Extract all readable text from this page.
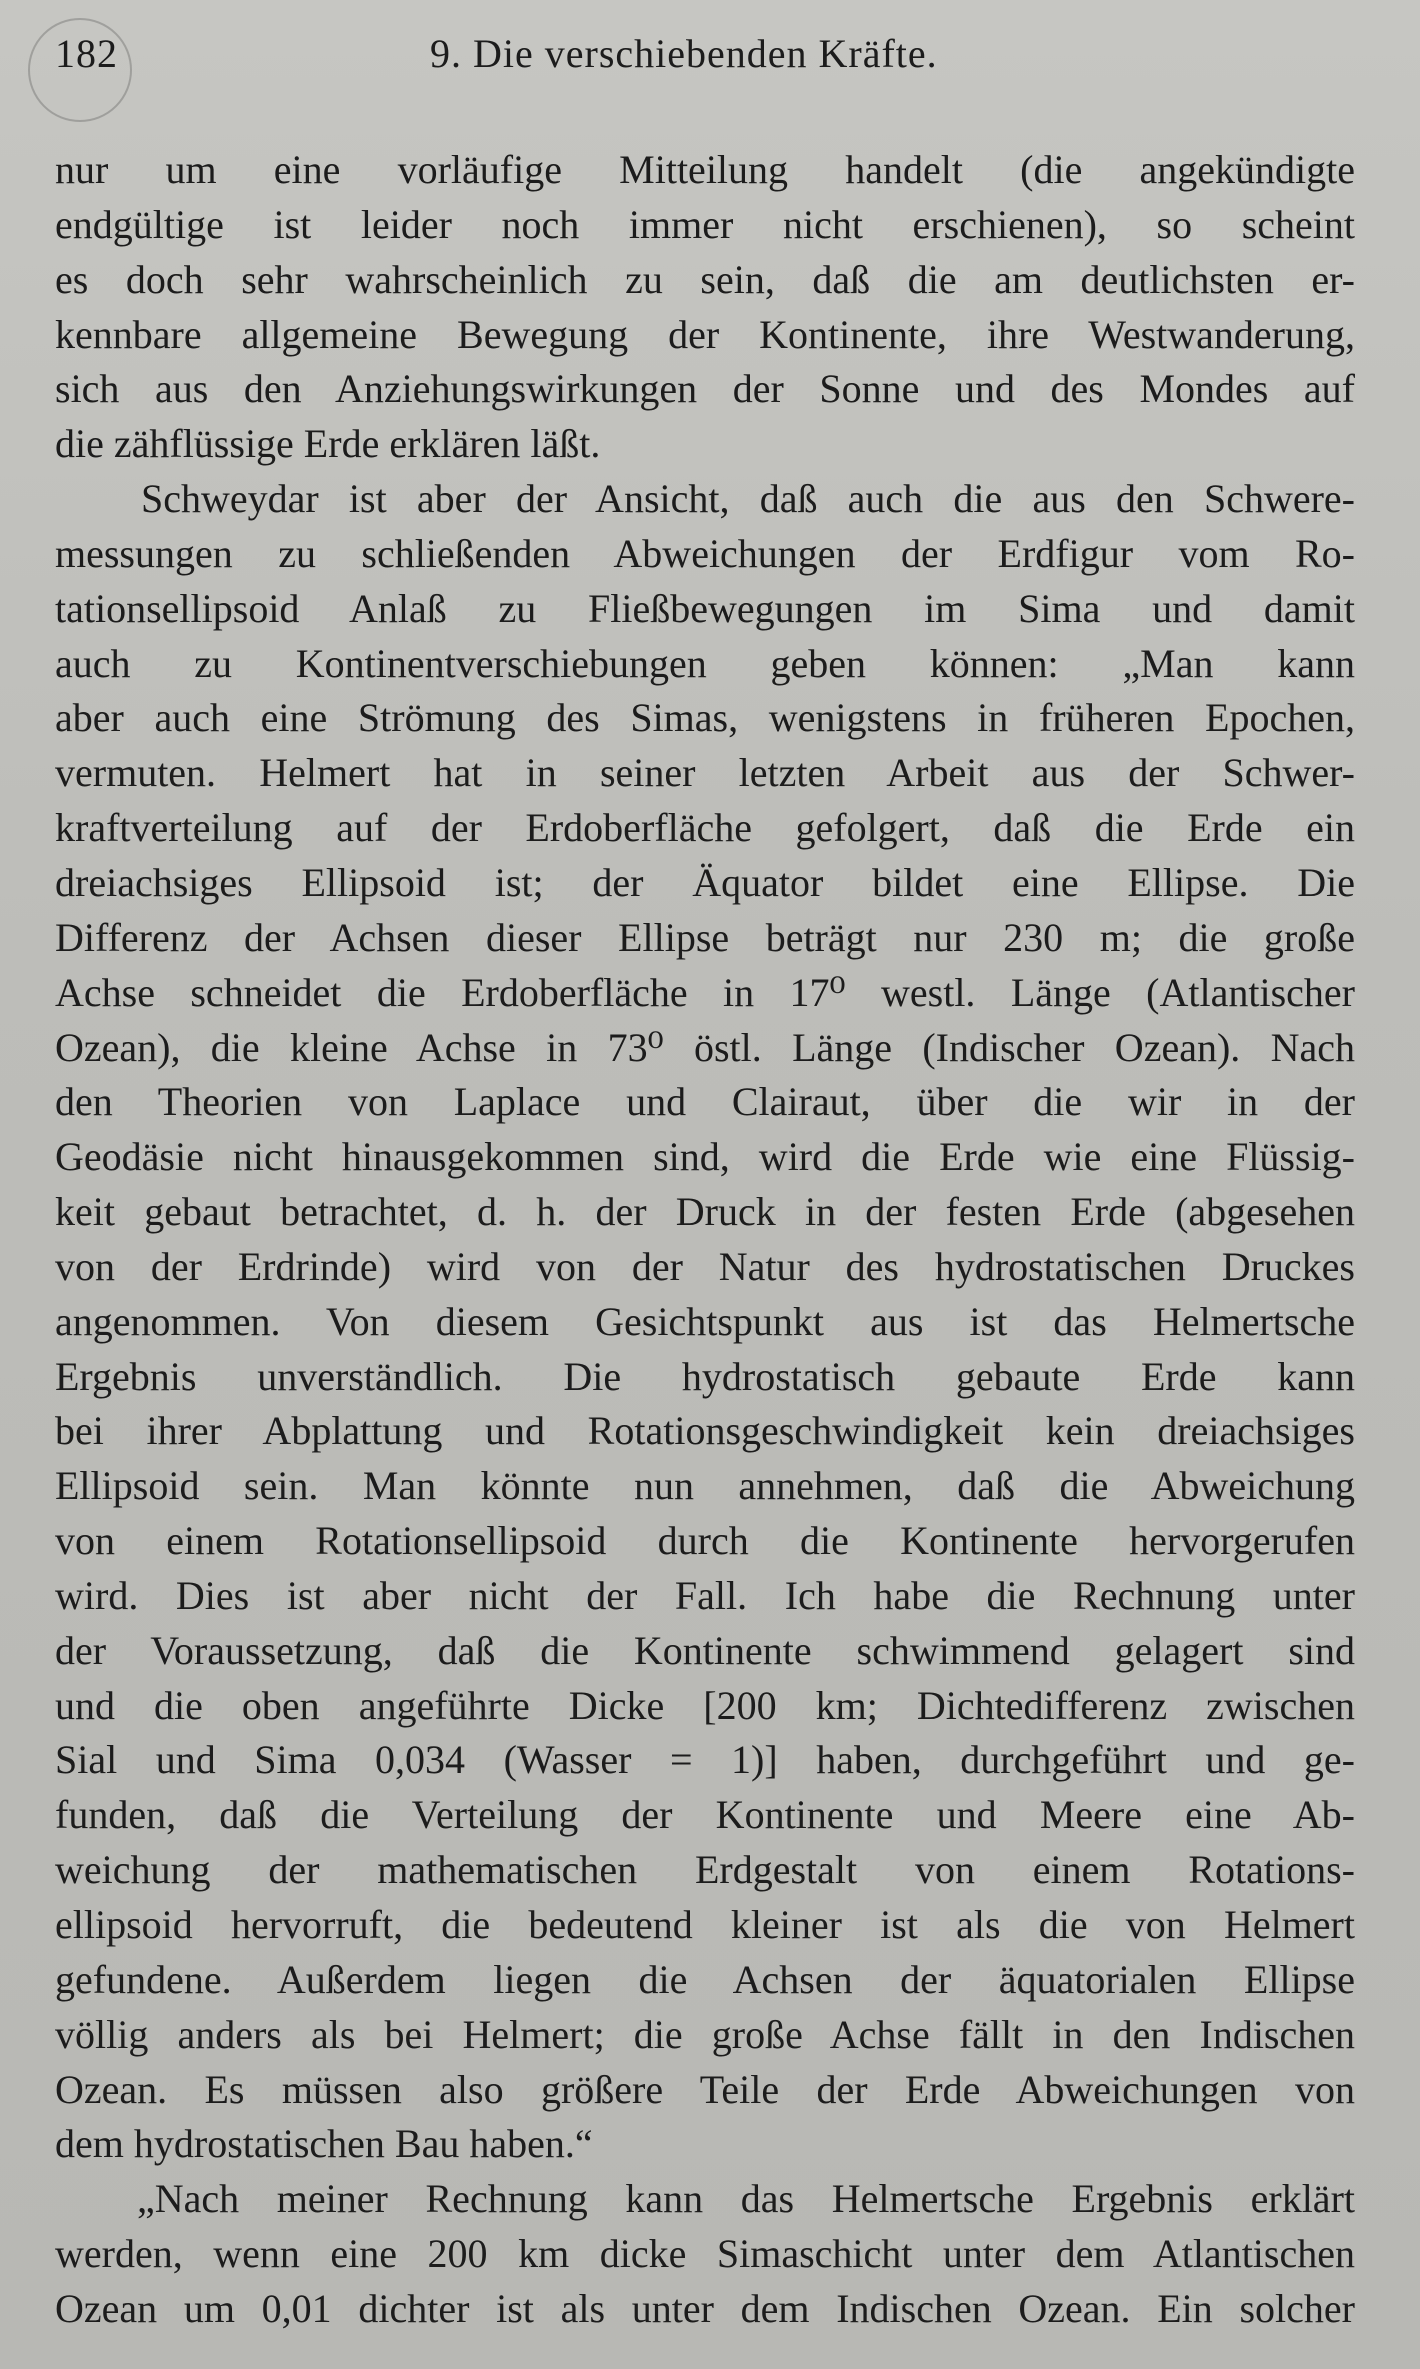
182	9. Die verschiebenden Kräfte.
nur um eine vorläufige Mitteilung handelt (die angekündigte
endgültige ist leider noch immer nicht erschienen), so scheint
es doch sehr wahrscheinlich zu sein, daß die am deutlichsten er-
kennbare allgemeine Bewegung der Kontinente, ihre Westwanderung,
sich aus den Anziehungswirkungen der Sonne und des Mondes auf
die zähflüssige Erde erklären läßt.
Schweydar ist aber der Ansicht, daß auch die aus den Schwere-
messungen zu schließenden Abweichungen der Erdfigur vom Ro-
tationsellipsoid Anlaß zu Fließbewegungen im Sima und damit
auch zu Kontinentverschiebungen geben können: „Man kann
aber auch eine Strömung des Simas, wenigstens in früheren Epochen,
vermuten. Helmert hat in seiner letzten Arbeit aus der Schwer-
kraftverteilung auf der Erdoberfläche gefolgert, daß die Erde ein
dreiachsiges Ellipsoid ist; der Äquator bildet eine Ellipse. Die
Differenz der Achsen dieser Ellipse beträgt nur 230 m; die große
Achse schneidet die Erdoberfläche in 17⁰ westl. Länge (Atlantischer
Ozean), die kleine Achse in 73⁰ östl. Länge (Indischer Ozean). Nach
den Theorien von Laplace und Clairaut, über die wir in der
Geodäsie nicht hinausgekommen sind, wird die Erde wie eine Flüssig-
keit gebaut betrachtet, d. h. der Druck in der festen Erde (abgesehen
von der Erdrinde) wird von der Natur des hydrostatischen Druckes
angenommen. Von diesem Gesichtspunkt aus ist das Helmertsche
Ergebnis unverständlich. Die hydrostatisch gebaute Erde kann
bei ihrer Abplattung und Rotationsgeschwindigkeit kein dreiachsiges
Ellipsoid sein. Man könnte nun annehmen, daß die Abweichung
von einem Rotationsellipsoid durch die Kontinente hervorgerufen
wird. Dies ist aber nicht der Fall. Ich habe die Rechnung unter
der Voraussetzung, daß die Kontinente schwimmend gelagert sind
und die oben angeführte Dicke [200 km; Dichtedifferenz zwischen
Sial und Sima 0,034 (Wasser = 1)] haben, durchgeführt und ge-
funden, daß die Verteilung der Kontinente und Meere eine Ab-
weichung der mathematischen Erdgestalt von einem Rotations-
ellipsoid hervorruft, die bedeutend kleiner ist als die von Helmert
gefundene. Außerdem liegen die Achsen der äquatorialen Ellipse
völlig anders als bei Helmert; die große Achse fällt in den Indischen
Ozean. Es müssen also größere Teile der Erde Abweichungen von
dem hydrostatischen Bau haben.“
„Nach meiner Rechnung kann das Helmertsche Ergebnis erklärt
werden, wenn eine 200 km dicke Simaschicht unter dem Atlantischen
Ozean um 0,01 dichter ist als unter dem Indischen Ozean. Ein solcher
